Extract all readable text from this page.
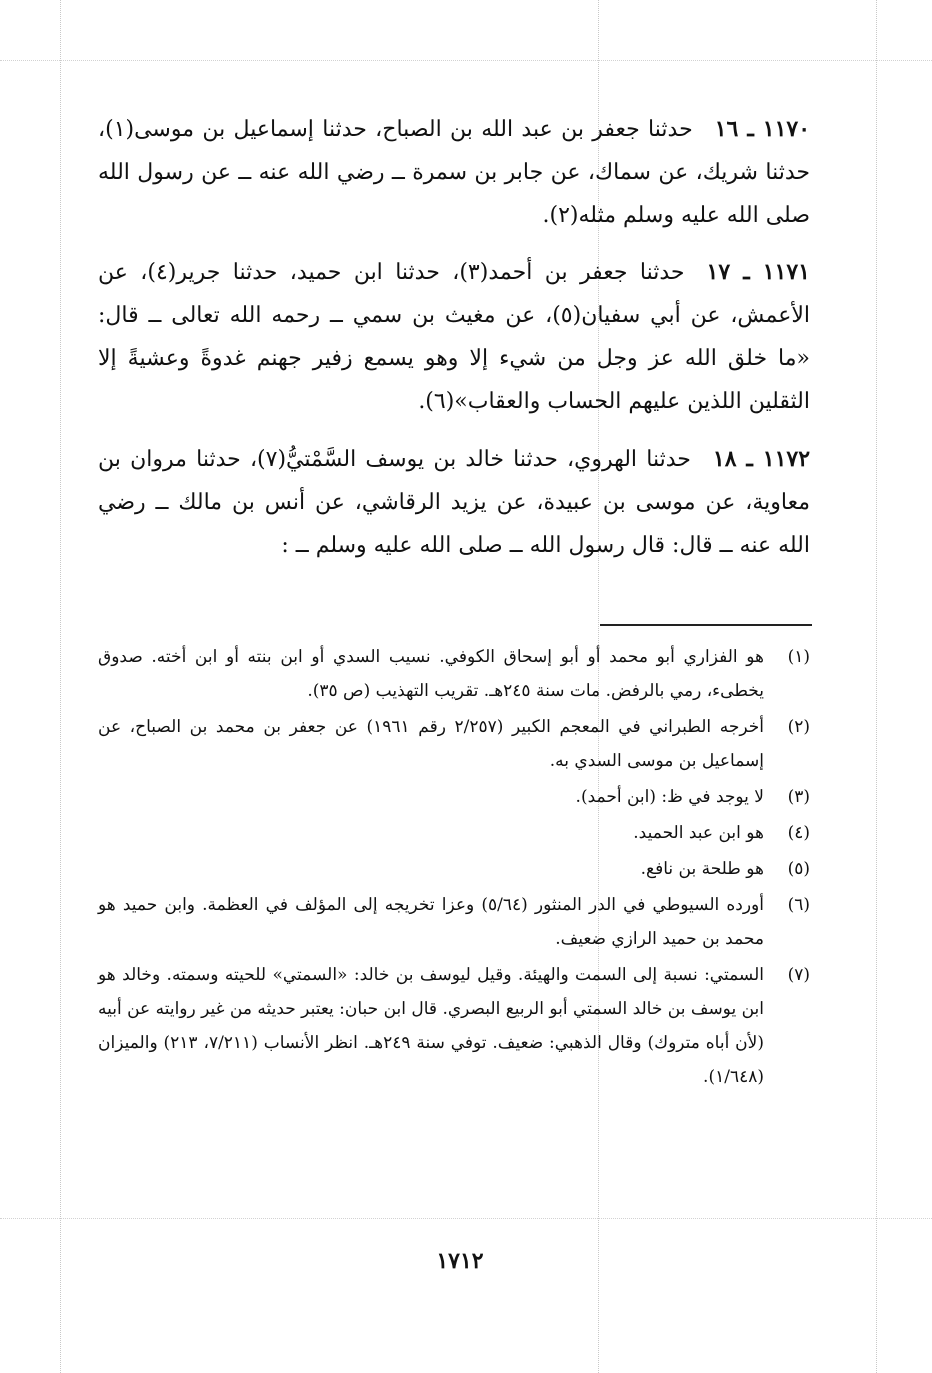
١١٧٠ ـ ١٦حدثنا جعفر بن عبد الله بن الصباح، حدثنا إسماعيل بن موسى(١)، حدثنا شريك، عن سماك، عن جابر بن سمرة ــ رضي الله عنه ــ عن رسول الله صلى الله عليه وسلم مثله(٢).
١١٧١ ـ ١٧حدثنا جعفر بن أحمد(٣)، حدثنا ابن حميد، حدثنا جرير(٤)، عن الأعمش، عن أبي سفيان(٥)، عن مغيث بن سمي ــ رحمه الله تعالى ــ قال: «ما خلق الله عز وجل من شيء إلا وهو يسمع زفير جهنم غدوةً وعشيةً إلا الثقلين اللذين عليهم الحساب والعقاب»(٦).
١١٧٢ ـ ١٨حدثنا الهروي، حدثنا خالد بن يوسف السَّمْتيُّ(٧)، حدثنا مروان بن معاوية، عن موسى بن عبيدة، عن يزيد الرقاشي، عن أنس بن مالك ــ رضي الله عنه ــ قال: قال رسول الله ــ صلى الله عليه وسلم ــ :
(١)
هو الفزاري أبو محمد أو أبو إسحاق الكوفي. نسيب السدي أو ابن بنته أو ابن أخته. صدوق يخطىء، رمي بالرفض. مات سنة ٢٤٥هـ. تقريب التهذيب (ص ٣٥).
(٢)
أخرجه الطبراني في المعجم الكبير (٢/٢٥٧ رقم ١٩٦١) عن جعفر بن محمد بن الصباح، عن إسماعيل بن موسى السدي به.
(٣)
لا يوجد في ظ: (ابن أحمد).
(٤)
هو ابن عبد الحميد.
(٥)
هو طلحة بن نافع.
(٦)
أورده السيوطي في الدر المنثور (٥/٦٤) وعزا تخريجه إلى المؤلف في العظمة. وابن حميد هو محمد بن حميد الرازي ضعيف.
(٧)
السمتي: نسبة إلى السمت والهيئة. وقيل ليوسف بن خالد: «السمتي» للحيته وسمته. وخالد هو ابن يوسف بن خالد السمتي أبو الربيع البصري. قال ابن حبان: يعتبر حديثه من غير روايته عن أبيه (لأن أباه متروك) وقال الذهبي: ضعيف. توفي سنة ٢٤٩هـ. انظر الأنساب (٧/٢١١، ٢١٣) والميزان (١/٦٤٨).
١٧١٢
